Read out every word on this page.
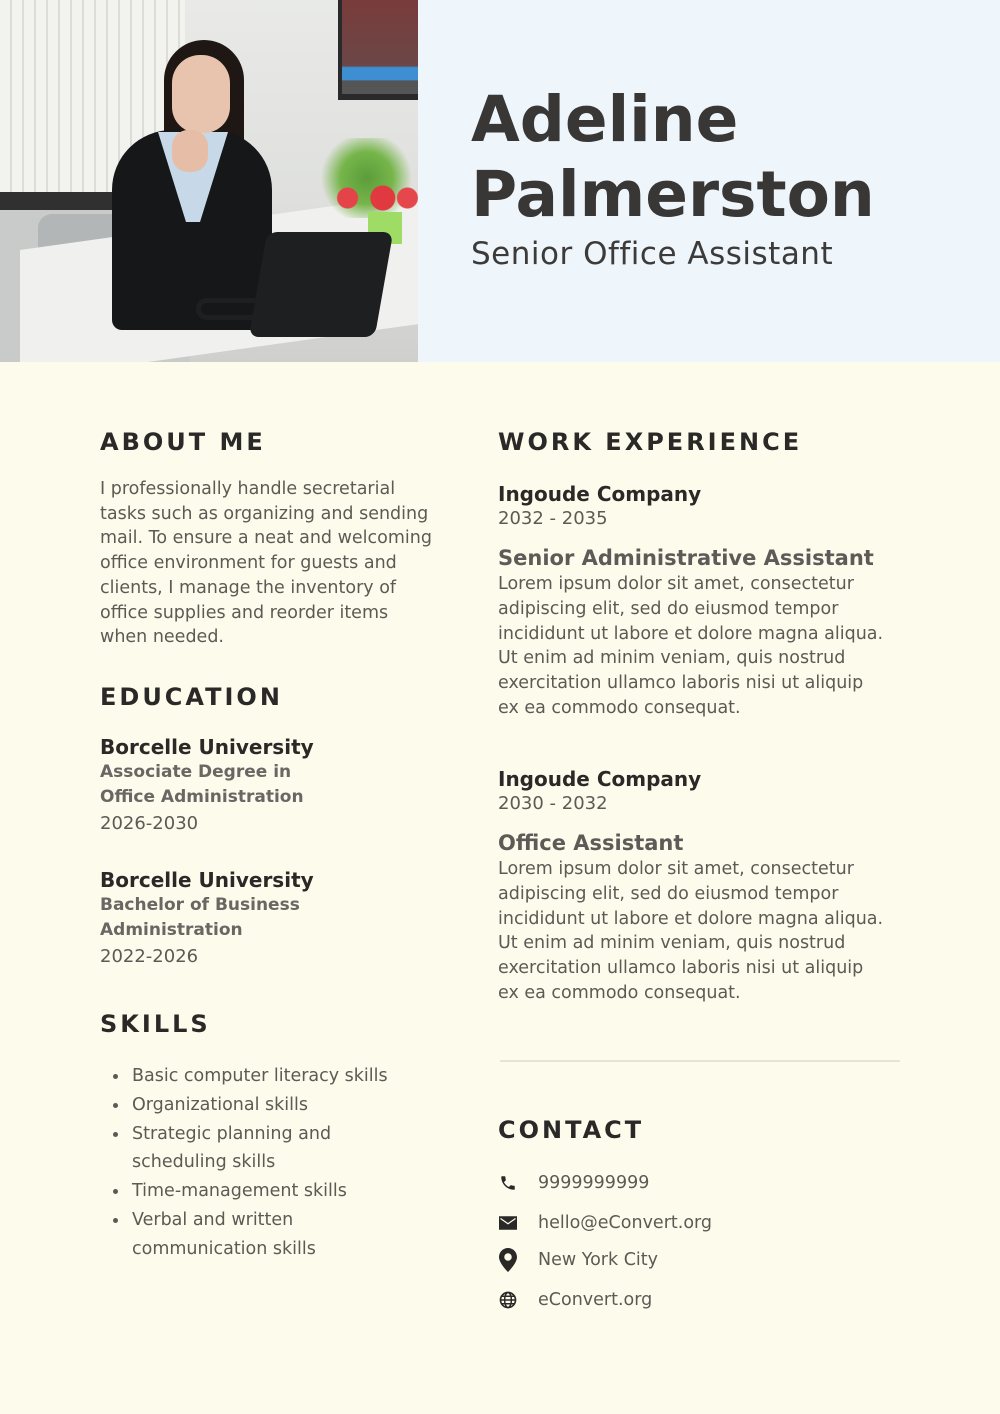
Adeline
Palmerston
Senior Office Assistant
ABOUT ME
I professionally handle secretarial
tasks such as organizing and sending
mail. To ensure a neat and welcoming
office environment for guests and
clients, I manage the inventory of
office supplies and reorder items
when needed.
EDUCATION
Borcelle University
Associate Degree in
Office Administration
2026-2030
Borcelle University
Bachelor of Business
Administration
2022-2026
SKILLS
Basic computer literacy skills
Organizational skills
Strategic planning and scheduling skills
Time-management skills
Verbal and written communication skills
WORK EXPERIENCE
Ingoude Company
2032 - 2035
Senior Administrative Assistant
Lorem ipsum dolor sit amet, consectetur
adipiscing elit, sed do eiusmod tempor
incididunt ut labore et dolore magna aliqua.
Ut enim ad minim veniam, quis nostrud
exercitation ullamco laboris nisi ut aliquip
ex ea commodo consequat.
Ingoude Company
2030 - 2032
Office Assistant
Lorem ipsum dolor sit amet, consectetur
adipiscing elit, sed do eiusmod tempor
incididunt ut labore et dolore magna aliqua.
Ut enim ad minim veniam, quis nostrud
exercitation ullamco laboris nisi ut aliquip
ex ea commodo consequat.
CONTACT
9999999999
hello@eConvert.org
New York City
eConvert.org
